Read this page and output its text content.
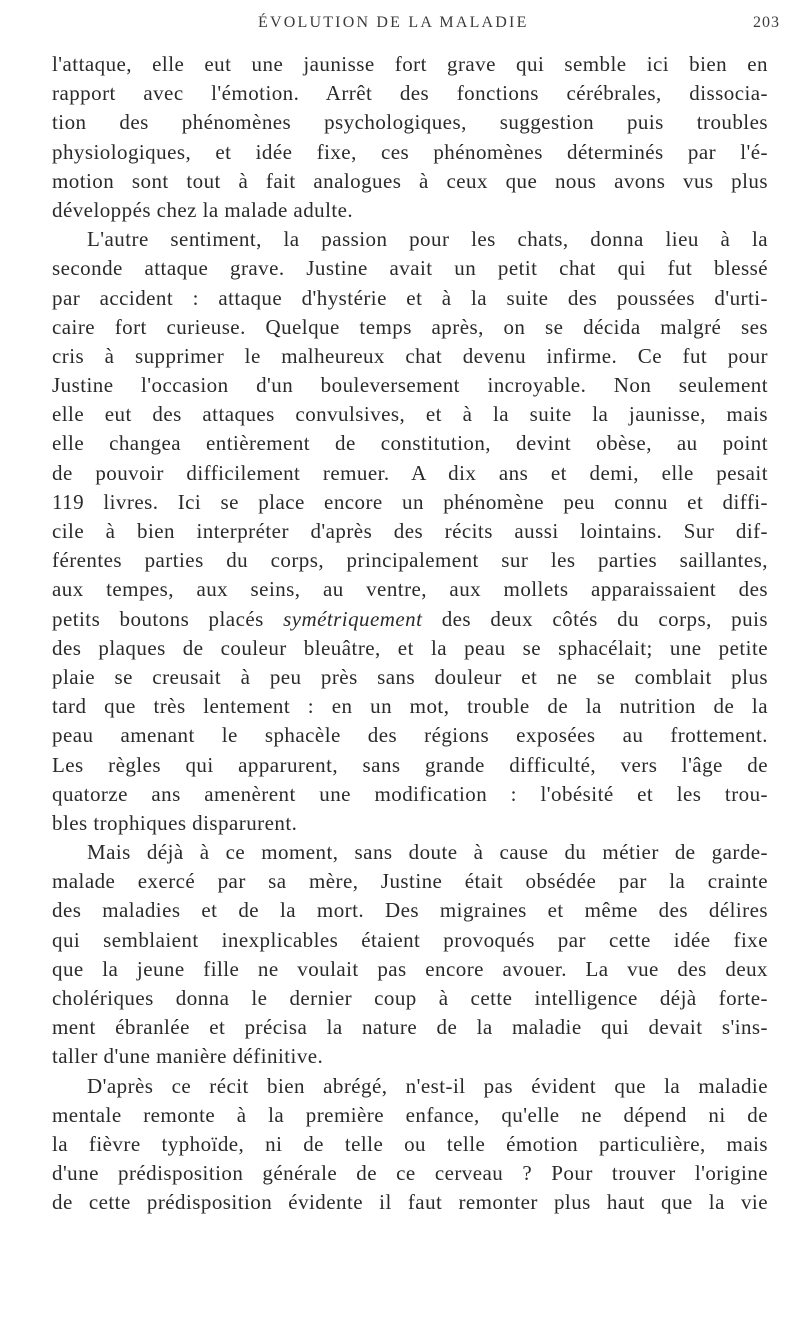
ÉVOLUTION DE LA MALADIE	203
l'attaque, elle eut une jaunisse fort grave qui semble ici bien en
rapport avec l'émotion. Arrêt des fonctions cérébrales, dissocia-
tion des phénomènes psychologiques, suggestion puis troubles
physiologiques, et idée fixe, ces phénomènes déterminés par l'é-
motion sont tout à fait analogues à ceux que nous avons vus plus
développés chez la malade adulte.
L'autre sentiment, la passion pour les chats, donna lieu à la
seconde attaque grave. Justine avait un petit chat qui fut blessé
par accident : attaque d'hystérie et à la suite des poussées d'urti-
caire fort curieuse. Quelque temps après, on se décida malgré ses
cris à supprimer le malheureux chat devenu infirme. Ce fut pour
Justine l'occasion d'un bouleversement incroyable. Non seulement
elle eut des attaques convulsives, et à la suite la jaunisse, mais
elle changea entièrement de constitution, devint obèse, au point
de pouvoir difficilement remuer. A dix ans et demi, elle pesait
119 livres. Ici se place encore un phénomène peu connu et diffi-
cile à bien interpréter d'après des récits aussi lointains. Sur dif-
férentes parties du corps, principalement sur les parties saillantes,
aux tempes, aux seins, au ventre, aux mollets apparaissaient des
petits boutons placés symétriquement des deux côtés du corps, puis
des plaques de couleur bleuâtre, et la peau se sphacélait; une petite
plaie se creusait à peu près sans douleur et ne se comblait plus
tard que très lentement : en un mot, trouble de la nutrition de la
peau amenant le sphacèle des régions exposées au frottement.
Les règles qui apparurent, sans grande difficulté, vers l'âge de
quatorze ans amenèrent une modification : l'obésité et les trou-
bles trophiques disparurent.
Mais déjà à ce moment, sans doute à cause du métier de garde-
malade exercé par sa mère, Justine était obsédée par la crainte
des maladies et de la mort. Des migraines et même des délires
qui semblaient inexplicables étaient provoqués par cette idée fixe
que la jeune fille ne voulait pas encore avouer. La vue des deux
cholériques donna le dernier coup à cette intelligence déjà forte-
ment ébranlée et précisa la nature de la maladie qui devait s'ins-
taller d'une manière définitive.
D'après ce récit bien abrégé, n'est-il pas évident que la maladie
mentale remonte à la première enfance, qu'elle ne dépend ni de
la fièvre typhoïde, ni de telle ou telle émotion particulière, mais
d'une prédisposition générale de ce cerveau ? Pour trouver l'origine
de cette prédisposition évidente il faut remonter plus haut que la vie
